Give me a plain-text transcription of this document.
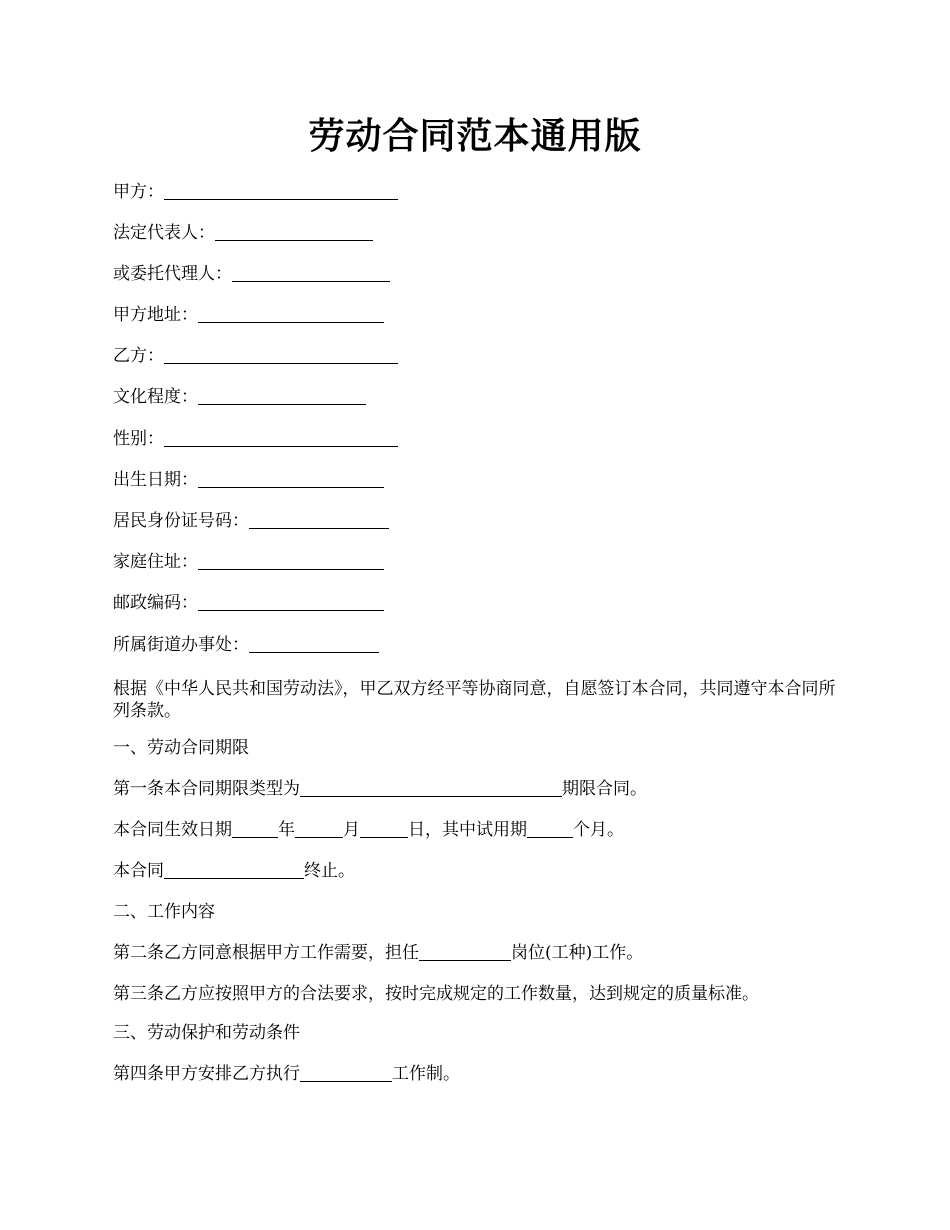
劳动合同范本通用版
甲方：
法定代表人：
或委托代理人：
甲方地址：
乙方：
文化程度：
性别：
出生日期：
居民身份证号码：
家庭住址：
邮政编码：
所属街道办事处：
根据《中华人民共和国劳动法》，甲乙双方经平等协商同意，自愿签订本合同，共同遵守本合同所列条款。
一、劳动合同期限
第一条本合同期限类型为	期限合同。
本合同生效日期	年	月	日，其中试用期	个月。
本合同	终止。
二、工作内容
第二条乙方同意根据甲方工作需要，担任	岗位(工种)工作。
第三条乙方应按照甲方的合法要求，按时完成规定的工作数量，达到规定的质量标准。
三、劳动保护和劳动条件
第四条甲方安排乙方执行	工作制。
